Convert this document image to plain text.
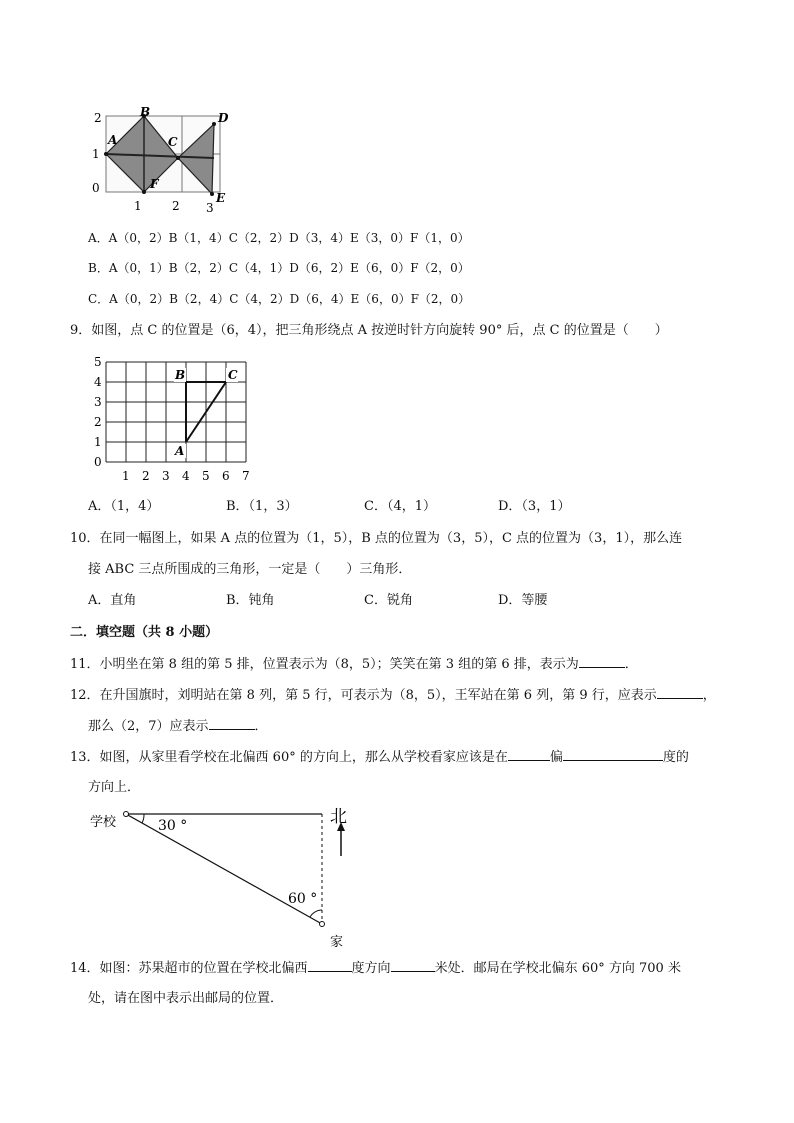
2
1
0
1	2 3
A
B
C
D
E
F
A．A（0，2）B（1，4）C（2，2）D（3，4）E（3，0）F（1，0）
B．A（0，1）B（2，2）C（4，1）D（6，2）E（6，0）F（2，0）
C．A（0，2）B（2，4）C（4，2）D（6，4）E（6，0）F（2，0）
9．如图，点 C 的位置是（6，4），把三角形绕点 A 按逆时针方向旋转 90° 后，点 C 的位置是（　　）
5
4
3
2
1
0
1 2 3 4 5 6 7
B	C
A
A．（1，4）	B．（1，3）	C．（4，1）	D．（3，1）
10．在同一幅图上，如果 A 点的位置为（1，5），B 点的位置为（3，5），C 点的位置为（3，1），那么连
接 ABC 三点所围成的三角形，一定是（　　）三角形．
A．直角	B．钝角	C．锐角	D．等腰
二．填空题（共 8 小题）
11．小明坐在第 8 组的第 5 排，位置表示为（8，5）；笑笑在第 3 组的第 6 排，表示为	．
12．在升国旗时，刘明站在第 8 列，第 5 行，可表示为（8，5），王军站在第 6 列，第 9 行，应表示	，
那么（2，7）应表示	．
13．如图，从家里看学校在北偏西 60° 的方向上，那么从学校看家应该是在	偏	度的
方向上．
学校	30 °
60 °
北
家
14．如图：苏果超市的位置在学校北偏西	度方向	米处．邮局在学校北偏东 60° 方向 700 米
处，请在图中表示出邮局的位置．
